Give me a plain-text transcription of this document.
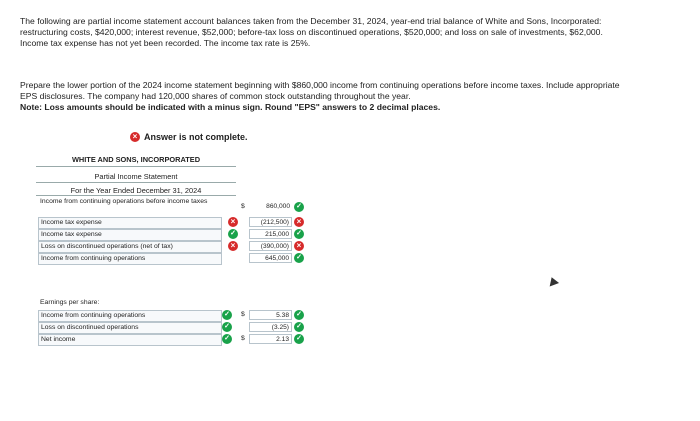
The following are partial income statement account balances taken from the December 31, 2024, year-end trial balance of White and Sons, Incorporated: restructuring costs, $420,000; interest revenue, $52,000; before-tax loss on discontinued operations, $520,000; and loss on sale of investments, $62,000. Income tax expense has not yet been recorded. The income tax rate is 25%.
Prepare the lower portion of the 2024 income statement beginning with $860,000 income from continuing operations before income taxes. Include appropriate EPS disclosures. The company had 120,000 shares of common stock outstanding throughout the year.
Note: Loss amounts should be indicated with a minus sign. Round "EPS" answers to 2 decimal places.
× Answer is not complete.
WHITE AND SONS, INCORPORATED
Partial Income Statement
For the Year Ended December 31, 2024
Income from continuing operations before income taxes
$	860,000 ✓
Income tax expense	×	(212,500) ×
Income tax expense	✓	215,000	✓
Loss on discontinued operations (net of tax)	×	(390,000) ×
Income from continuing operations	645,000	✓
Earnings per share:
Income from continuing operations	✓	$	5.38	✓
Loss on discontinued operations	✓	(3.25)	✓
Net income	✓	$	2.13	✓
